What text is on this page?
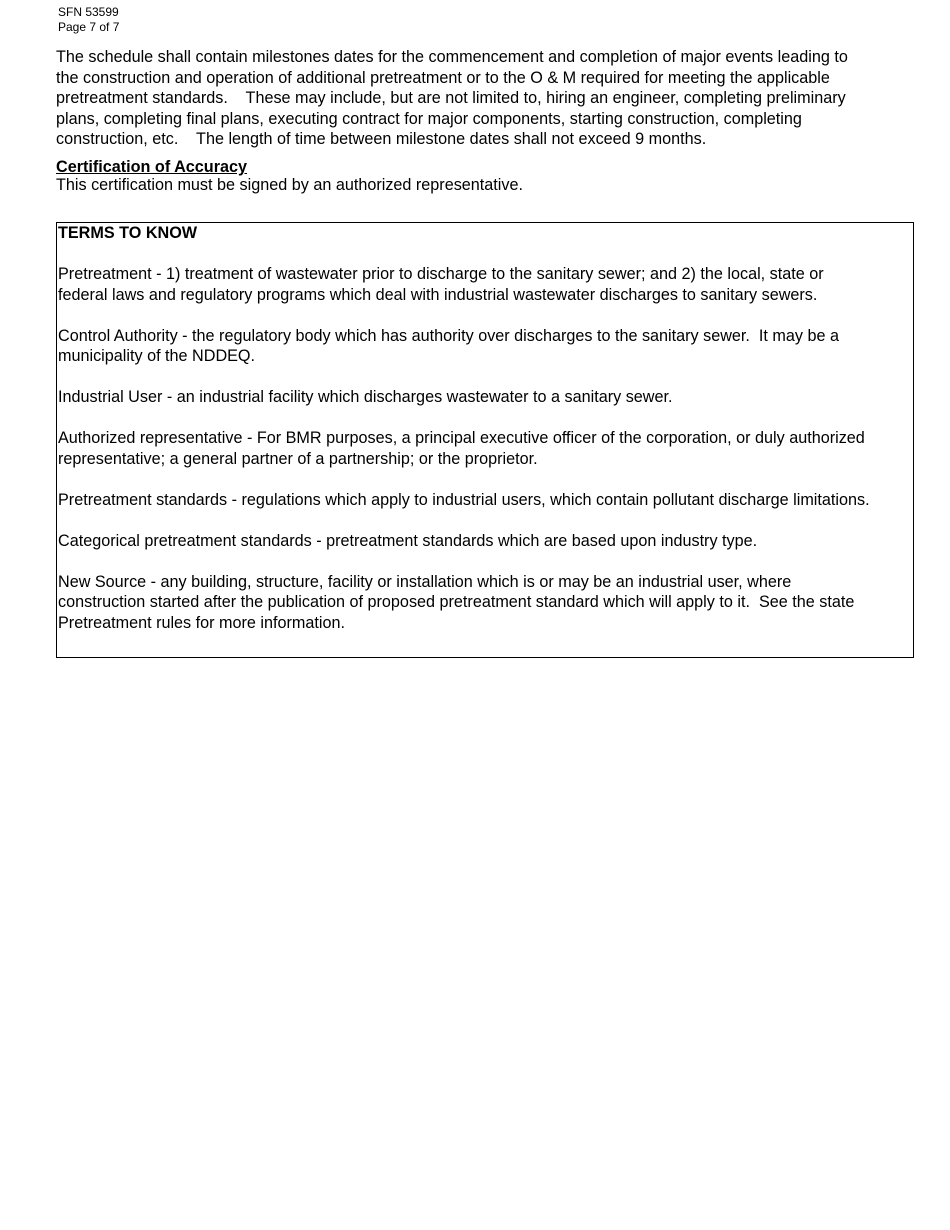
SFN 53599
Page 7 of 7

The schedule shall contain milestones dates for the commencement and completion of major events leading to
the construction and operation of additional pretreatment or to the O & M required for meeting the applicable
pretreatment standards.    These may include, but are not limited to, hiring an engineer, completing preliminary
plans, completing final plans, executing contract for major components, starting construction, completing
construction, etc.    The length of time between milestone dates shall not exceed 9 months.

Certification of Accuracy

This certification must be signed by an authorized representative.

TERMS TO KNOW

Pretreatment - 1) treatment of wastewater prior to discharge to the sanitary sewer; and 2) the local, state or
federal laws and regulatory programs which deal with industrial wastewater discharges to sanitary sewers.

Control Authority - the regulatory body which has authority over discharges to the sanitary sewer.  It may be a
municipality of the NDDEQ.

Industrial User - an industrial facility which discharges wastewater to a sanitary sewer.

Authorized representative - For BMR purposes, a principal executive officer of the corporation, or duly authorized
representative; a general partner of a partnership; or the proprietor.

Pretreatment standards - regulations which apply to industrial users, which contain pollutant discharge limitations.

Categorical pretreatment standards - pretreatment standards which are based upon industry type.

New Source - any building, structure, facility or installation which is or may be an industrial user, where
construction started after the publication of proposed pretreatment standard which will apply to it.  See the state
Pretreatment rules for more information.
